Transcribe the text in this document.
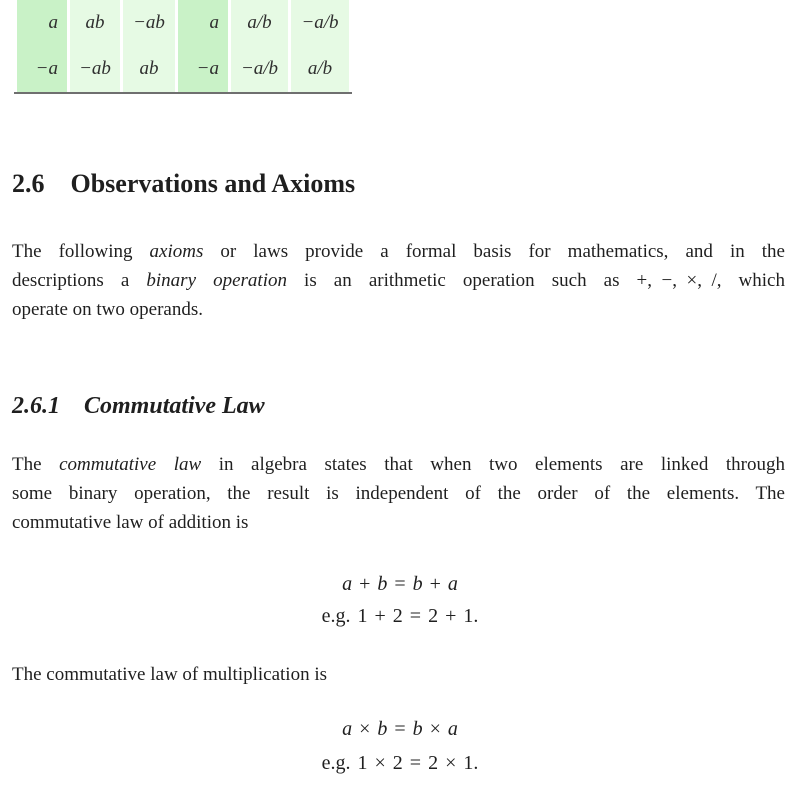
a	ab	−ab	a	a/b	−a/b
−a	−ab	ab	−a	−a/b	a/b
2.6 Observations and Axioms
The following axioms or laws provide a formal basis for mathematics, and in the
descriptions a binary operation is an arithmetic operation such as +, −, ×, /, which
operate on two operands.
2.6.1 Commutative Law
The commutative law in algebra states that when two elements are linked through
some binary operation, the result is independent of the order of the elements. The
commutative law of addition is
a + b = b + a
e.g. 1 + 2 = 2 + 1.
The commutative law of multiplication is
a × b = b × a
e.g. 1 × 2 = 2 × 1.
